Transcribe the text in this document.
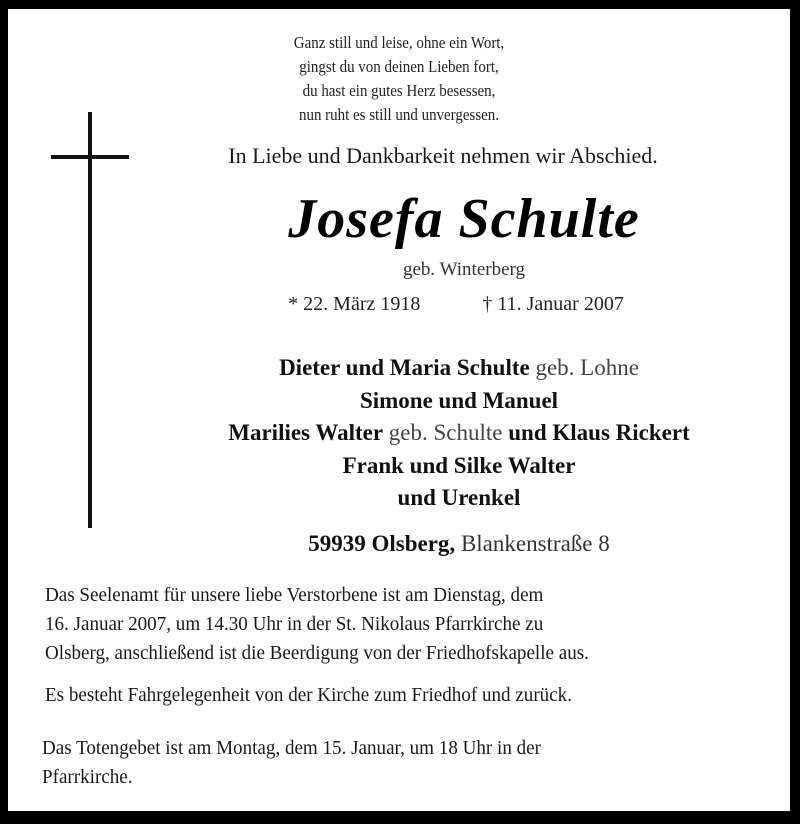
Ganz still und leise, ohne ein Wort,
gingst du von deinen Lieben fort,
du hast ein gutes Herz besessen,
nun ruht es still und unvergessen.
In Liebe und Dankbarkeit nehmen wir Abschied.
Josefa Schulte
geb. Winterberg
* 22. März 1918	† 11. Januar 2007
Dieter und Maria Schulte geb. Lohne
Simone und Manuel
Marilies Walter geb. Schulte und Klaus Rickert
Frank und Silke Walter
und Urenkel
59939 Olsberg, Blankenstraße 8
Das Seelenamt für unsere liebe Verstorbene ist am Dienstag, dem
16. Januar 2007, um 14.30 Uhr in der St. Nikolaus Pfarrkirche zu
Olsberg, anschließend ist die Beerdigung von der Friedhofskapelle aus.
Es besteht Fahrgelegenheit von der Kirche zum Friedhof und zurück.
Das Totengebet ist am Montag, dem 15. Januar, um 18 Uhr in der
Pfarrkirche.
